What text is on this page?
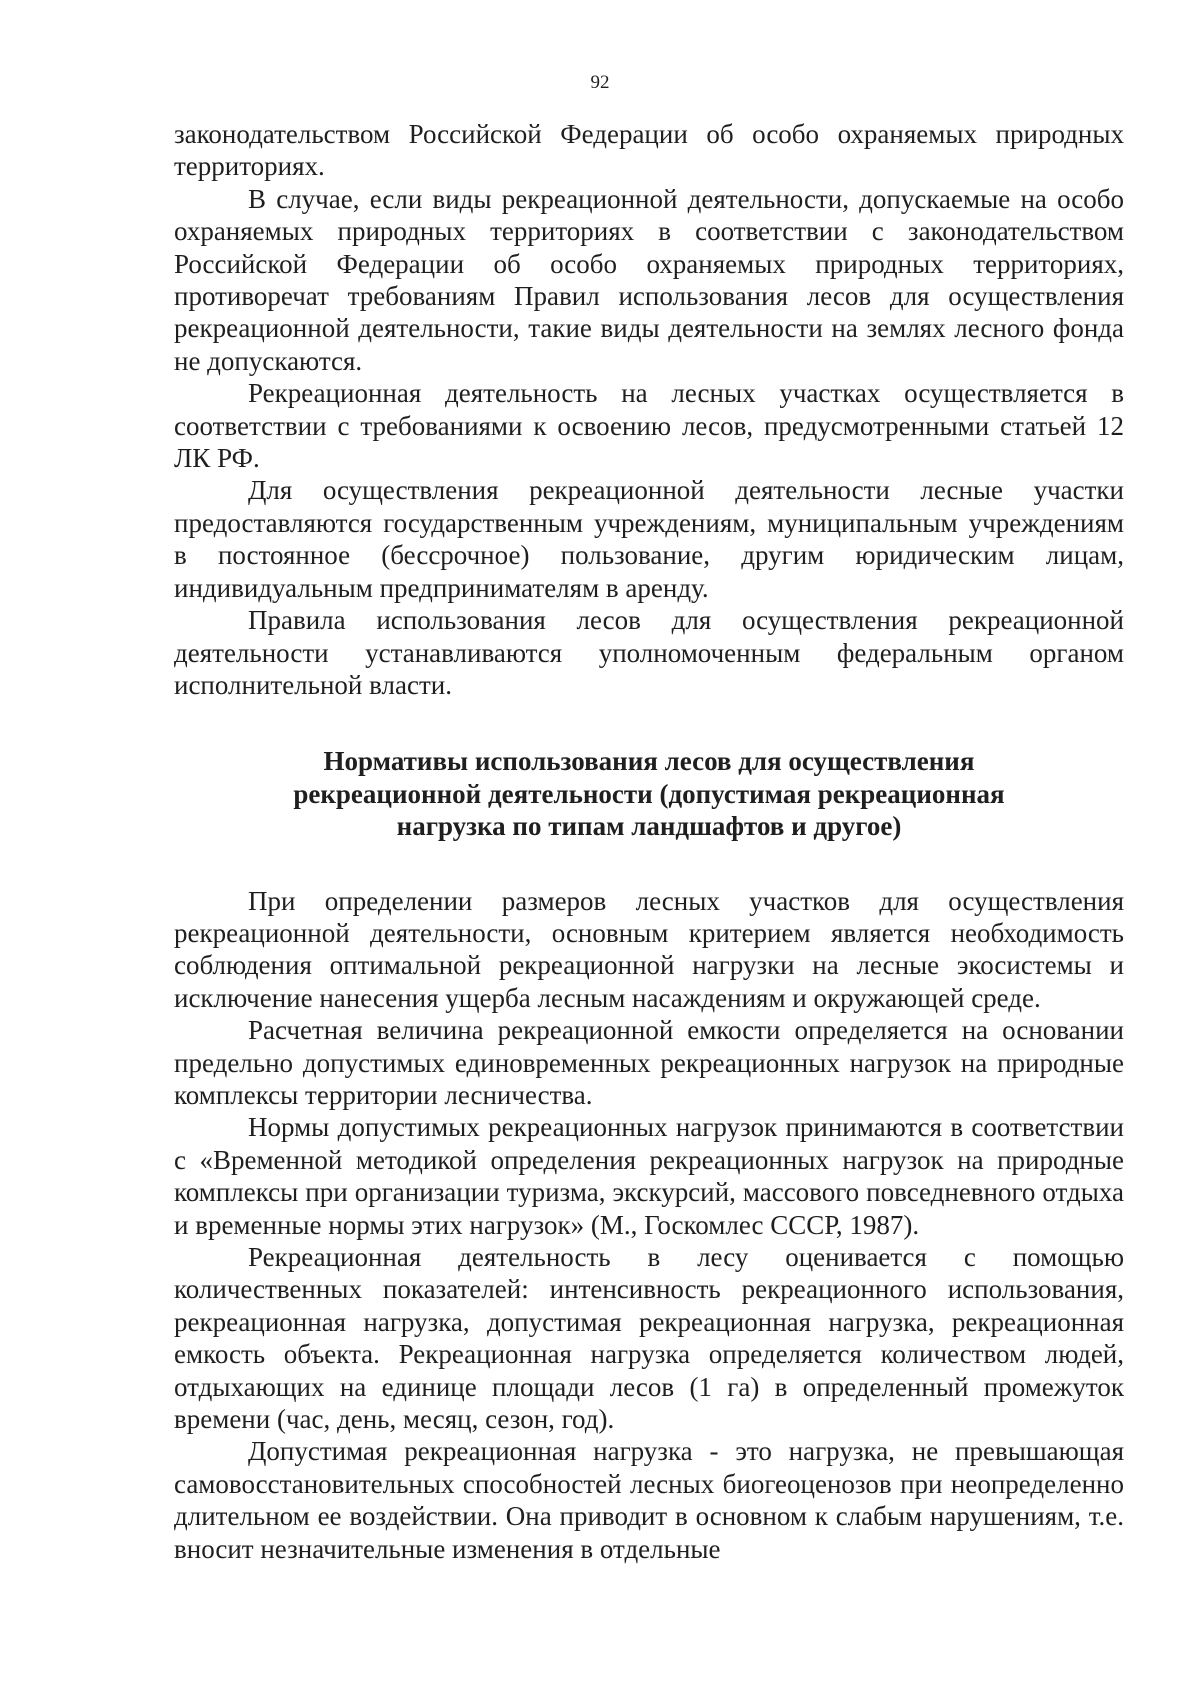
92

законодательством Российской Федерации об особо охраняемых природных территориях.

В случае, если виды рекреационной деятельности, допускаемые на особо охраняемых природных территориях в соответствии с законодательством Российской Федерации об особо охраняемых природных территориях, противоречат требованиям Правил использования лесов для осуществления рекреационной деятельности, такие виды деятельности на землях лесного фонда не допускаются.

Рекреационная деятельность на лесных участках осуществляется в соответствии с требованиями к освоению лесов, предусмотренными статьей 12 ЛК РФ.

Для осуществления рекреационной деятельности лесные участки предоставляются государственным учреждениям, муниципальным учреждениям в постоянное (бессрочное) пользование, другим юридическим лицам, индивидуальным предпринимателям в аренду.

Правила использования лесов для осуществления рекреационной деятельности устанавливаются уполномоченным федеральным органом исполнительной власти.

Нормативы использования лесов для осуществления
рекреационной деятельности (допустимая рекреационная
нагрузка по типам ландшафтов и другое)

При определении размеров лесных участков для осуществления рекреационной деятельности, основным критерием является необходимость соблюдения оптимальной рекреационной нагрузки на лесные экосистемы и исключение нанесения ущерба лесным насаждениям и окружающей среде.

Расчетная величина рекреационной емкости определяется на основании предельно допустимых единовременных рекреационных нагрузок на природные комплексы территории лесничества.

Нормы допустимых рекреационных нагрузок принимаются в соответствии с «Временной методикой определения рекреационных нагрузок на природные комплексы при организации туризма, экскурсий, массового повседневного отдыха и временные нормы этих нагрузок» (М., Госкомлес СССР, 1987).

Рекреационная деятельность в лесу оценивается с помощью количественных показателей: интенсивность рекреационного использования, рекреационная нагрузка, допустимая рекреационная нагрузка, рекреационная емкость объекта. Рекреационная нагрузка определяется количеством людей, отдыхающих на единице площади лесов (1 га) в определенный промежуток времени (час, день, месяц, сезон, год).

Допустимая рекреационная нагрузка - это нагрузка, не превышающая самовосстановительных способностей лесных биогеоценозов при неопределенно длительном ее воздействии. Она приводит в основном к слабым нарушениям, т.е. вносит незначительные изменения в отдельные
